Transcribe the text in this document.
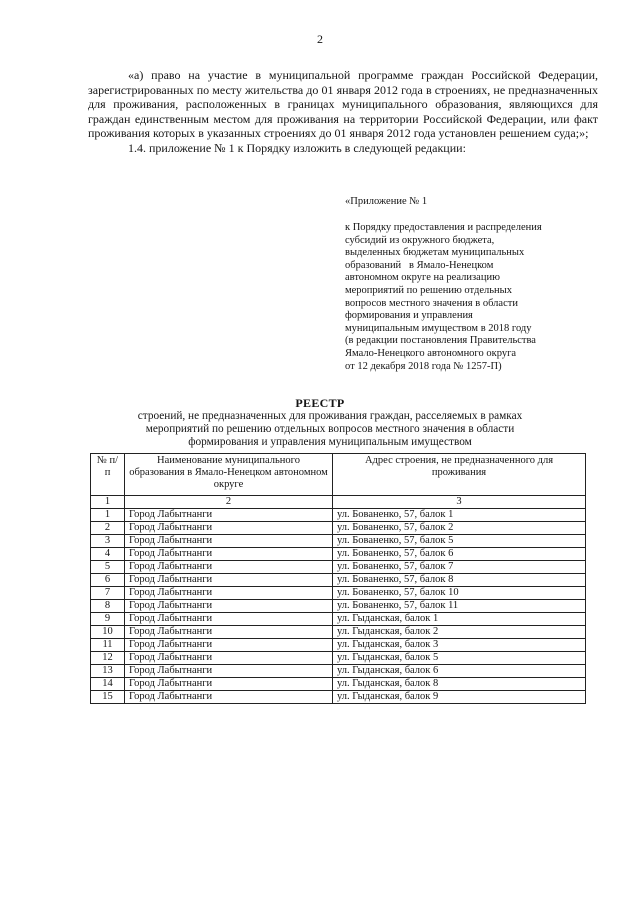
2

«а) право на участие в муниципальной программе граждан Российской Федерации, зарегистрированных по месту жительства до 01 января 2012 года в строениях, не предназначенных для проживания, расположенных в границах муниципального образования, являющихся для граждан единственным местом для проживания на территории Российской Федерации, или факт проживания которых в указанных строениях до 01 января 2012 года установлен решением суда;»;

1.4. приложение № 1 к Порядку изложить в следующей редакции:

«Приложение № 1
к Порядку предоставления и распределения
субсидий из окружного бюджета,
выделенных бюджетам муниципальных
образований   в Ямало-Ненецком
автономном округе на реализацию
мероприятий по решению отдельных
вопросов местного значения в области
формирования и управления
муниципальным имуществом в 2018 году
(в редакции постановления Правительства
Ямало-Ненецкого автономного округа
от 12 декабря 2018 года № 1257-П)
РЕЕСТР
строений, не предназначенных для проживания граждан, расселяемых в рамках мероприятий по решению отдельных вопросов местного значения в области формирования и управления муниципальным имуществом
№ п/п	Наименование муниципального образования в Ямало-Ненецком автономном округе	Адрес строения, не предназначенного для проживания
1	2	3
1	Город Лабытнанги	ул. Бованенко, 57, балок 1
2	Город Лабытнанги	ул. Бованенко, 57, балок 2
3	Город Лабытнанги	ул. Бованенко, 57, балок 5
4	Город Лабытнанги	ул. Бованенко, 57, балок 6
5	Город Лабытнанги	ул. Бованенко, 57, балок 7
6	Город Лабытнанги	ул. Бованенко, 57, балок 8
7	Город Лабытнанги	ул. Бованенко, 57, балок 10
8	Город Лабытнанги	ул. Бованенко, 57, балок 11
9	Город Лабытнанги	ул. Гыданская, балок 1
10	Город Лабытнанги	ул. Гыданская, балок 2
11	Город Лабытнанги	ул. Гыданская, балок 3
12	Город Лабытнанги	ул. Гыданская, балок 5
13	Город Лабытнанги	ул. Гыданская, балок 6
14	Город Лабытнанги	ул. Гыданская, балок 8
15	Город Лабытнанги	ул. Гыданская, балок 9
